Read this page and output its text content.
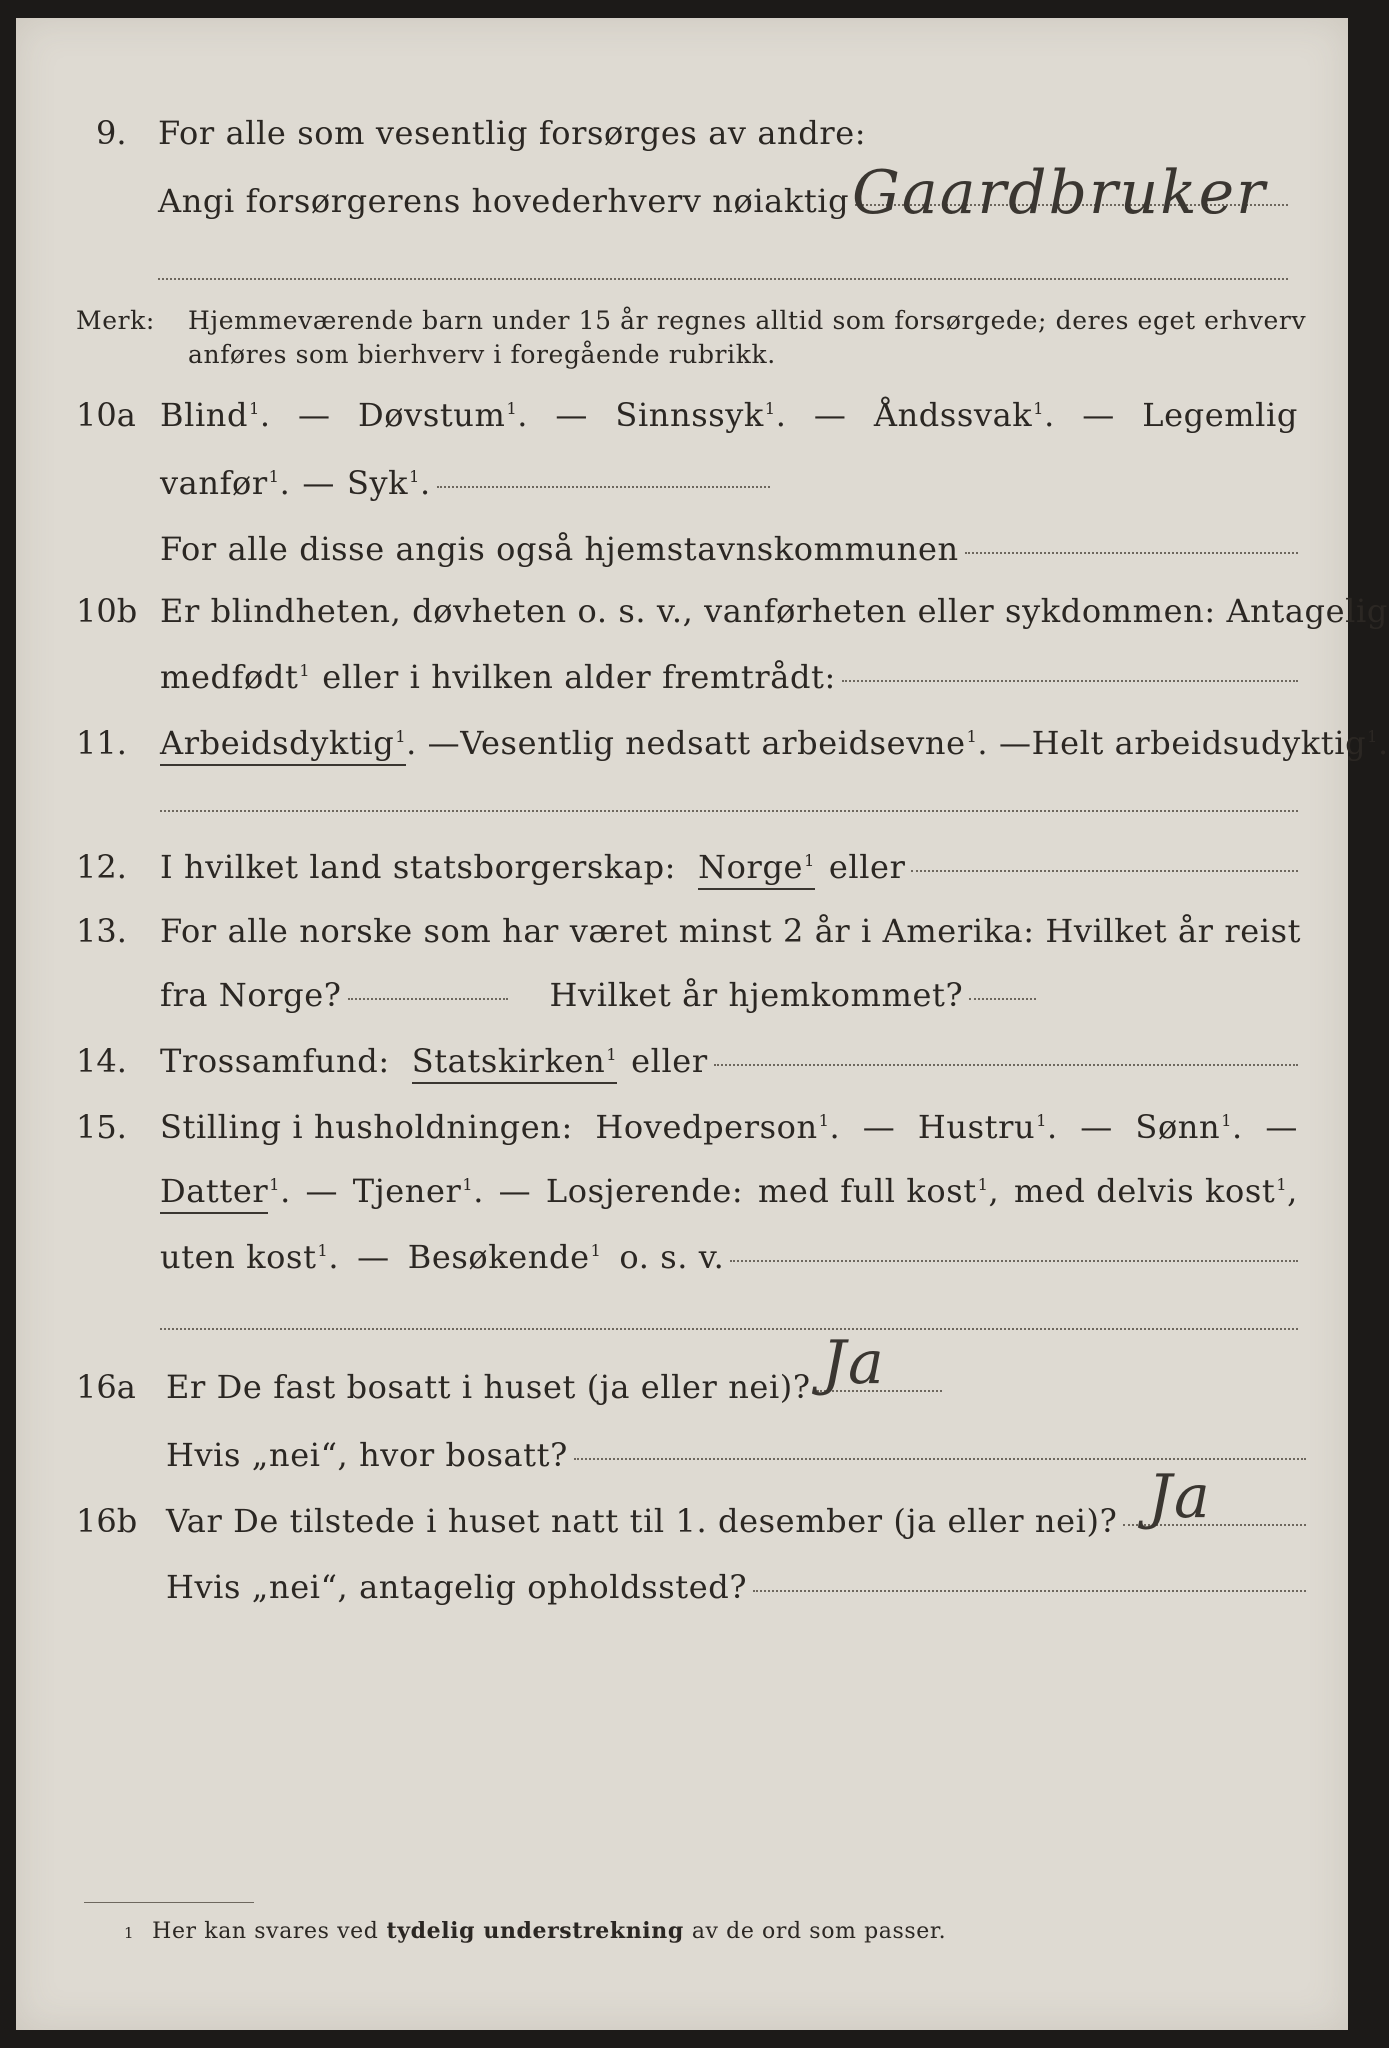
9. For alle som vesentlig forsørges av andre:
Angi forsørgerens hovederhverv nøiaktig Gaardbruker
Merk: Hjemmeværende barn under 15 år regnes alltid som forsørgede; deres eget erhverv
anføres som bierhverv i foregående rubrikk.
10a Blind$^1$. — Døvstum$^1$. — Sinnssyk$^1$. — Åndssvak$^1$. — Legemlig
vanfør$^1$. — Syk$^1$.
For alle disse angis også hjemstavnskommunen
10b Er blindheten, døvheten o. s. v., vanførheten eller sykdommen: Antagelig
medfødt$^1$ eller i hvilken alder fremtrådt:
11. Arbeidsdyktig$^1$ . — Vesentlig nedsatt arbeidsevne$^1$ . — Helt arbeidsudyktig$^1$.
12. I hvilket land statsborgerskap: Norge$^1$ eller
13. For alle norske som har været minst 2 år i Amerika: Hvilket år reist
fra Norge?	Hvilket år hjemkommet?
14. Trossamfund: Statskirken$^1$ eller
15. Stilling i husholdningen: Hovedperson$^1$. — Hustru$^1$. — Sønn$^1$. —
Datter$^1$. — Tjener$^1$. — Losjerende: med full kost$^1$, med delvis kost$^1$,
uten kost$^1$. — Besøkende$^1$ o. s. v.
16a Er De fast bosatt i huset (ja eller nei)? Ja
Hvis „nei“, hvor bosatt?
16b Var De tilstede i huset natt til 1. desember (ja eller nei)? Ja
Hvis „nei“, antagelig opholdssted?
1 Her kan svares ved tydelig understrekning av de ord som passer.
